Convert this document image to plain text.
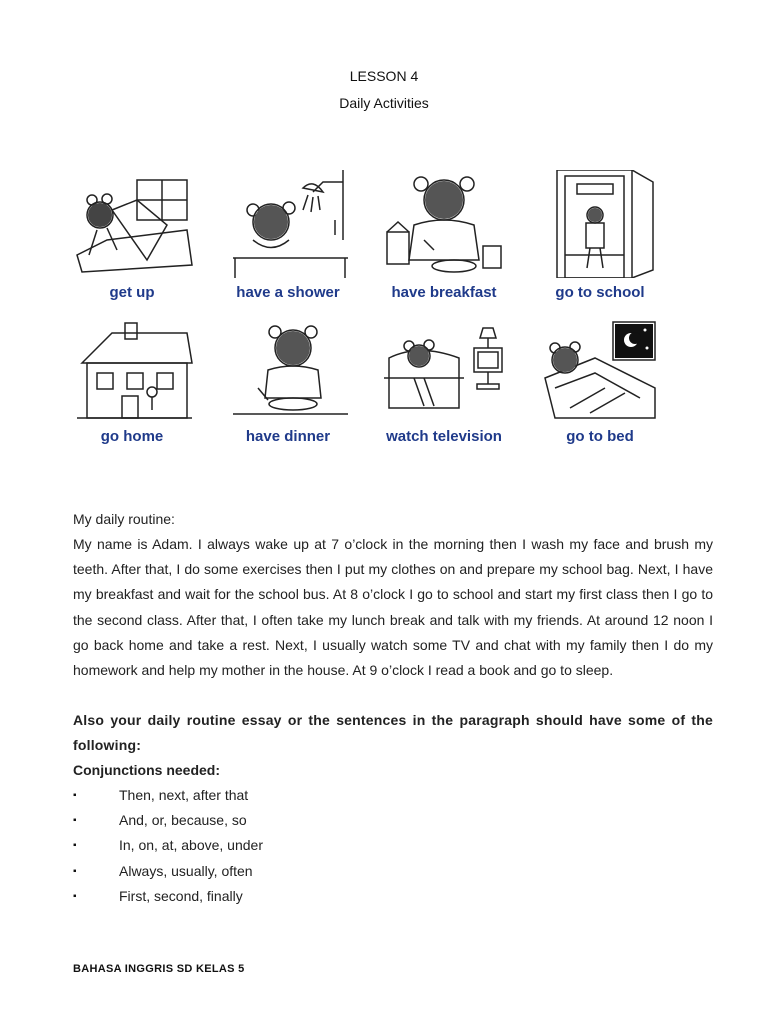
LESSON 4
Daily Activities
get up	have a shower	have breakfast	go to school
go home	have dinner	watch television	go to bed
My daily routine:
My name is Adam. I always wake up at 7 o’clock in the morning then I wash my face and brush my teeth. After that, I do some exercises then I put my clothes on and prepare my school bag. Next, I have my breakfast and wait for the school bus. At 8 o’clock I go to school and start my first class then I go to the second class. After that, I often take my lunch break and talk with my friends. At around 12 noon I go back home and take a rest. Next, I usually watch some TV and chat with my family then I do my homework and help my mother in the house. At 9 o’clock I read a book and go to sleep.
Also your daily routine essay or the sentences in the paragraph should have some of the following:
Conjunctions needed:
▪	Then, next, after that
▪	And, or, because, so
▪	In, on, at, above, under
▪	Always, usually, often
▪	First, second, finally
BAHASA INGGRIS SD KELAS 5
